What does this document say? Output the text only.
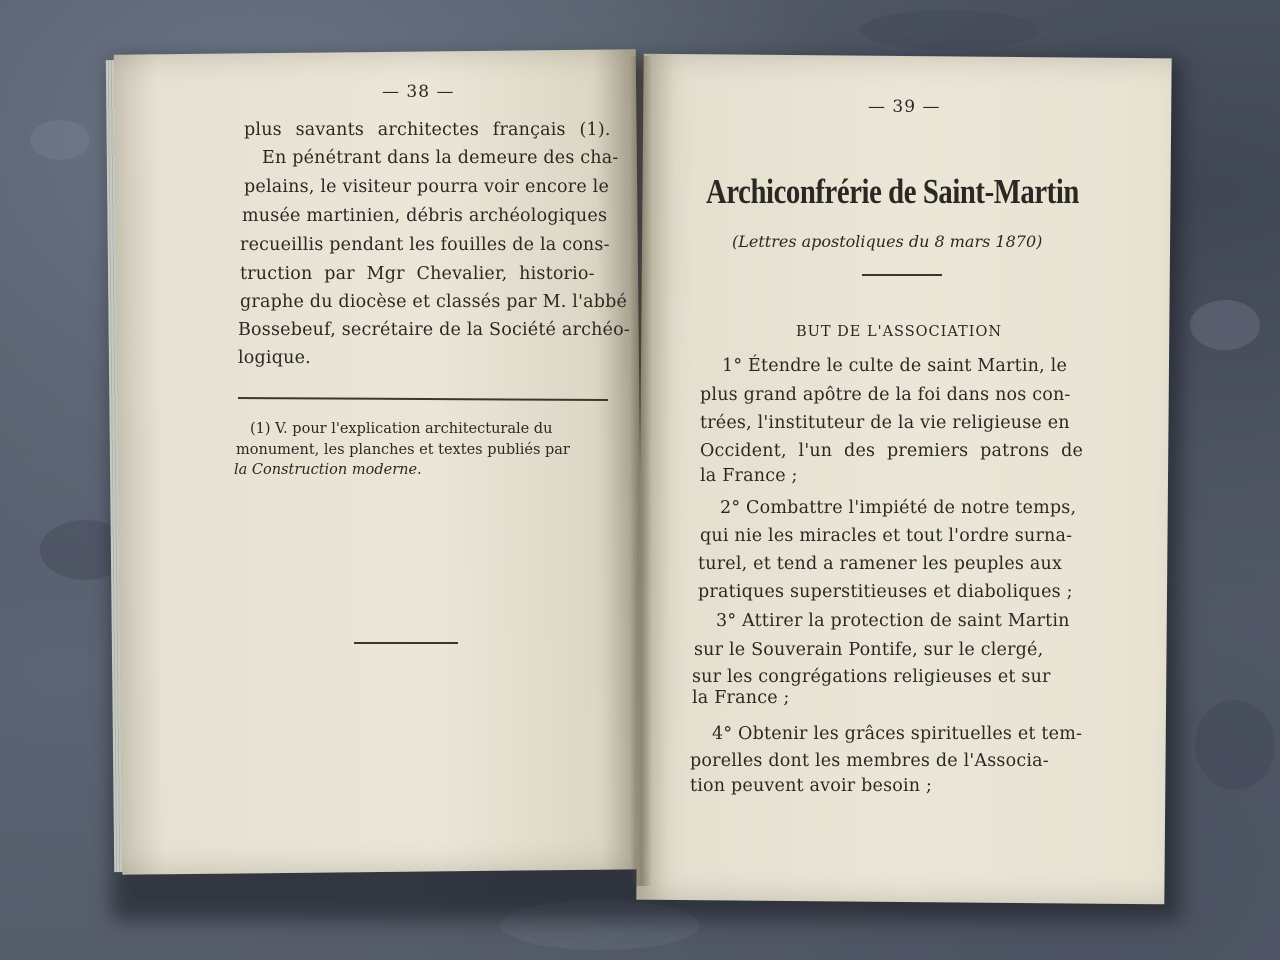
— 38 —

plus savants architectes français (1).

En pénétrant dans la demeure des cha-

pelains, le visiteur pourra voir encore le

musée martinien, débris archéologiques

recueillis pendant les fouilles de la cons-

truction par Mgr Chevalier, historio-

graphe du diocèse et classés par M. l'abbé

Bossebeuf, secrétaire de la Société archéo-

logique.

(1) V. pour l'explication architecturale du

monument, les planches et textes publiés par

la Construction moderne.

— 39 —

Archiconfrérie de Saint-Martin

(Lettres apostoliques du 8 mars 1870)

BUT DE L'ASSOCIATION

1° Étendre le culte de saint Martin, le

plus grand apôtre de la foi dans nos con-

trées, l'instituteur de la vie religieuse en

Occident, l'un des premiers patrons de

la France ;

2° Combattre l'impiété de notre temps,

qui nie les miracles et tout l'ordre surna-

turel, et tend a ramener les peuples aux

pratiques superstitieuses et diaboliques ;

3° Attirer la protection de saint Martin

sur le Souverain Pontife, sur le clergé,

sur les congrégations religieuses et sur

la France ;

4° Obtenir les grâces spirituelles et tem-

porelles dont les membres de l'Associa-

tion peuvent avoir besoin ;
